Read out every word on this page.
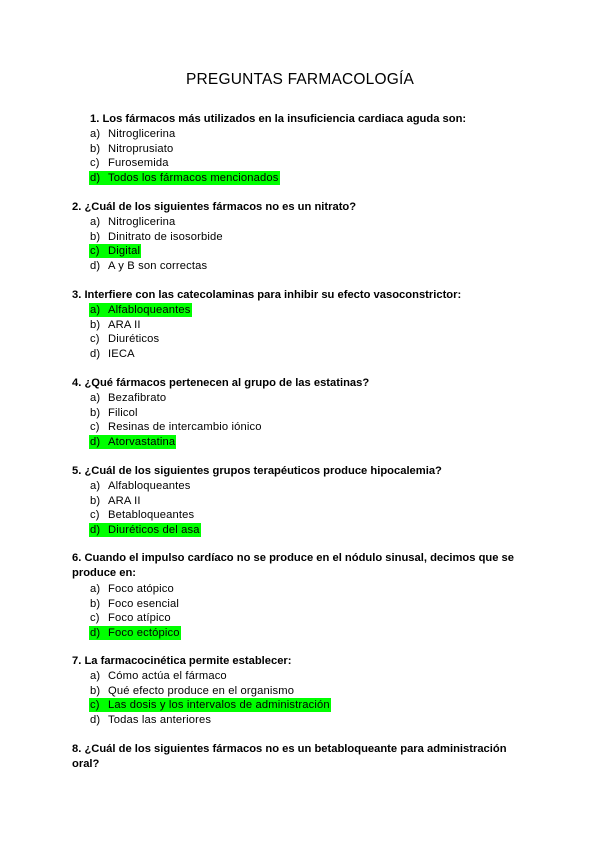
PREGUNTAS FARMACOLOGÍA
1. Los fármacos más utilizados en la insuficiencia cardiaca aguda son:
a) Nitroglicerina
b) Nitroprusiato
c) Furosemida
d) Todos los fármacos mencionados
2. ¿Cuál de los siguientes fármacos no es un nitrato?
a) Nitroglicerina
b) Dinitrato de isosorbide
c) Digital
d) A y B son correctas
3. Interfiere con las catecolaminas para inhibir su efecto vasoconstrictor:
a) Alfabloqueantes
b) ARA II
c) Diuréticos
d) IECA
4. ¿Qué fármacos pertenecen al grupo de las estatinas?
a) Bezafibrato
b) Filicol
c) Resinas de intercambio iónico
d) Atorvastatina
5. ¿Cuál de los siguientes grupos terapéuticos produce hipocalemia?
a) Alfabloqueantes
b) ARA II
c) Betabloqueantes
d) Diuréticos del asa
6. Cuando el impulso cardíaco no se produce en el nódulo sinusal, decimos que se produce en:
a) Foco atópico
b) Foco esencial
c) Foco atípico
d) Foco ectópico
7. La farmacocinética permite establecer:
a) Cómo actúa el fármaco
b) Qué efecto produce en el organismo
c) Las dosis y los intervalos de administración
d) Todas las anteriores
8. ¿Cuál de los siguientes fármacos no es un betabloqueante para administración oral?
